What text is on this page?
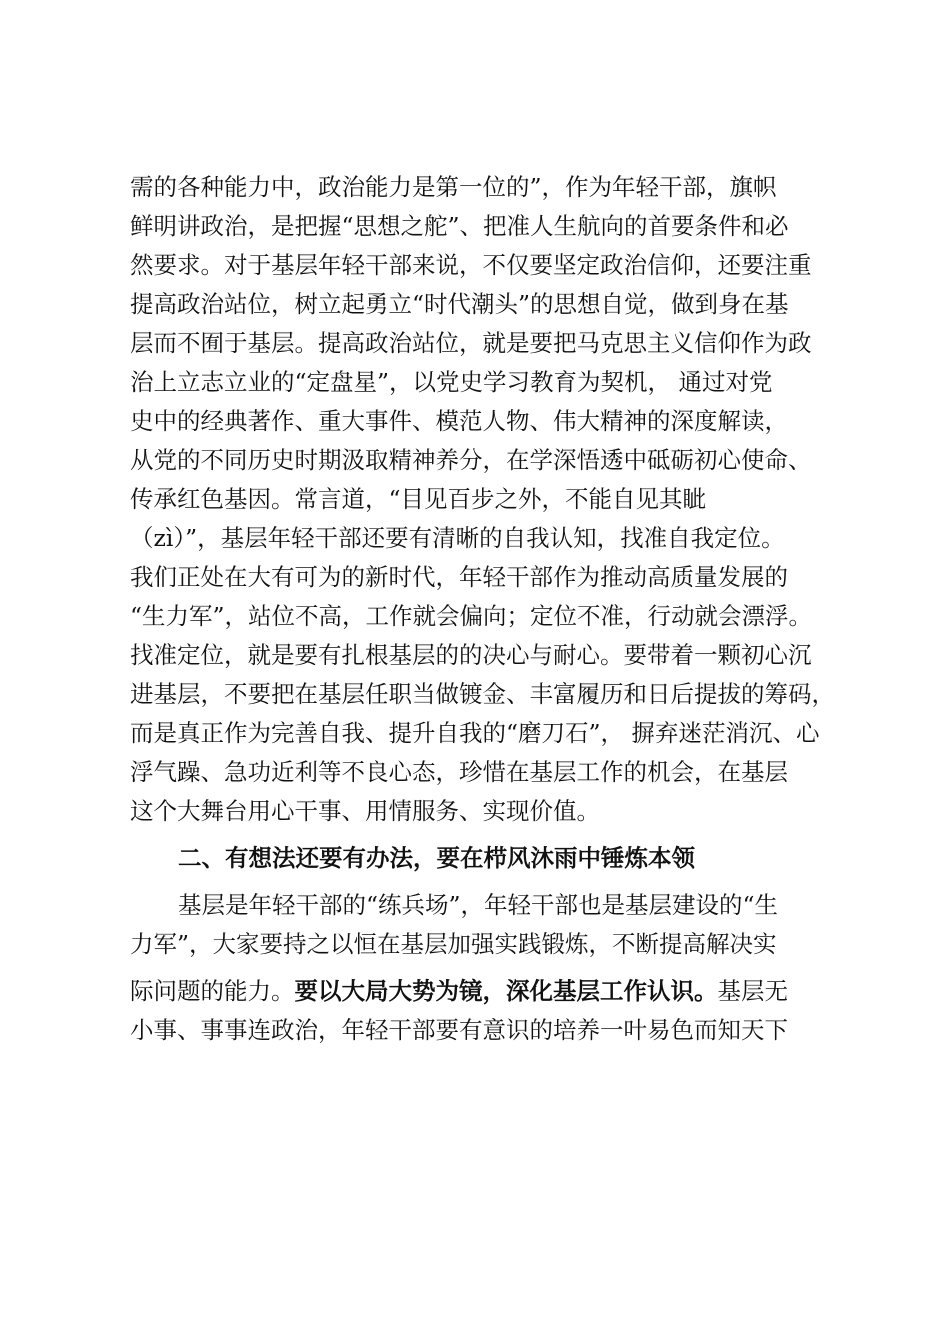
需的各种能力中，政治能力是第一位的”，作为年轻干部，旗帜
鲜明讲政治，是把握“思想之舵”、把准人生航向的首要条件和必
然要求。对于基层年轻干部来说，不仅要坚定政治信仰，还要注重
提高政治站位，树立起勇立“时代潮头”的思想自觉，做到身在基
层而不囿于基层。提高政治站位，就是要把马克思主义信仰作为政
治上立志立业的“定盘星”，以党史学习教育为契机， 通过对党
史中的经典著作、重大事件、模范人物、伟大精神的深度解读，
从党的不同历史时期汲取精神养分，在学深悟透中砥砺初心使命、
传承红色基因。常言道，“目见百步之外，不能自见其眦
（zì）”，基层年轻干部还要有清晰的自我认知，找准自我定位。
我们正处在大有可为的新时代，年轻干部作为推动高质量发展的
“生力军”，站位不高，工作就会偏向；定位不准，行动就会漂浮。
找准定位，就是要有扎根基层的的决心与耐心。要带着一颗初心沉
进基层，不要把在基层任职当做镀金、丰富履历和日后提拔的筹码，
而是真正作为完善自我、提升自我的“磨刀石”， 摒弃迷茫消沉、心
浮气躁、急功近利等不良心态，珍惜在基层工作的机会，在基层
这个大舞台用心干事、用情服务、实现价值。
二、有想法还要有办法，要在栉风沐雨中锤炼本领
基层是年轻干部的“练兵场”，年轻干部也是基层建设的“生
力军”，大家要持之以恒在基层加强实践锻炼，不断提高解决实
际问题的能力。要以大局大势为镜，深化基层工作认识。基层无
小事、事事连政治，年轻干部要有意识的培养一叶易色而知天下
